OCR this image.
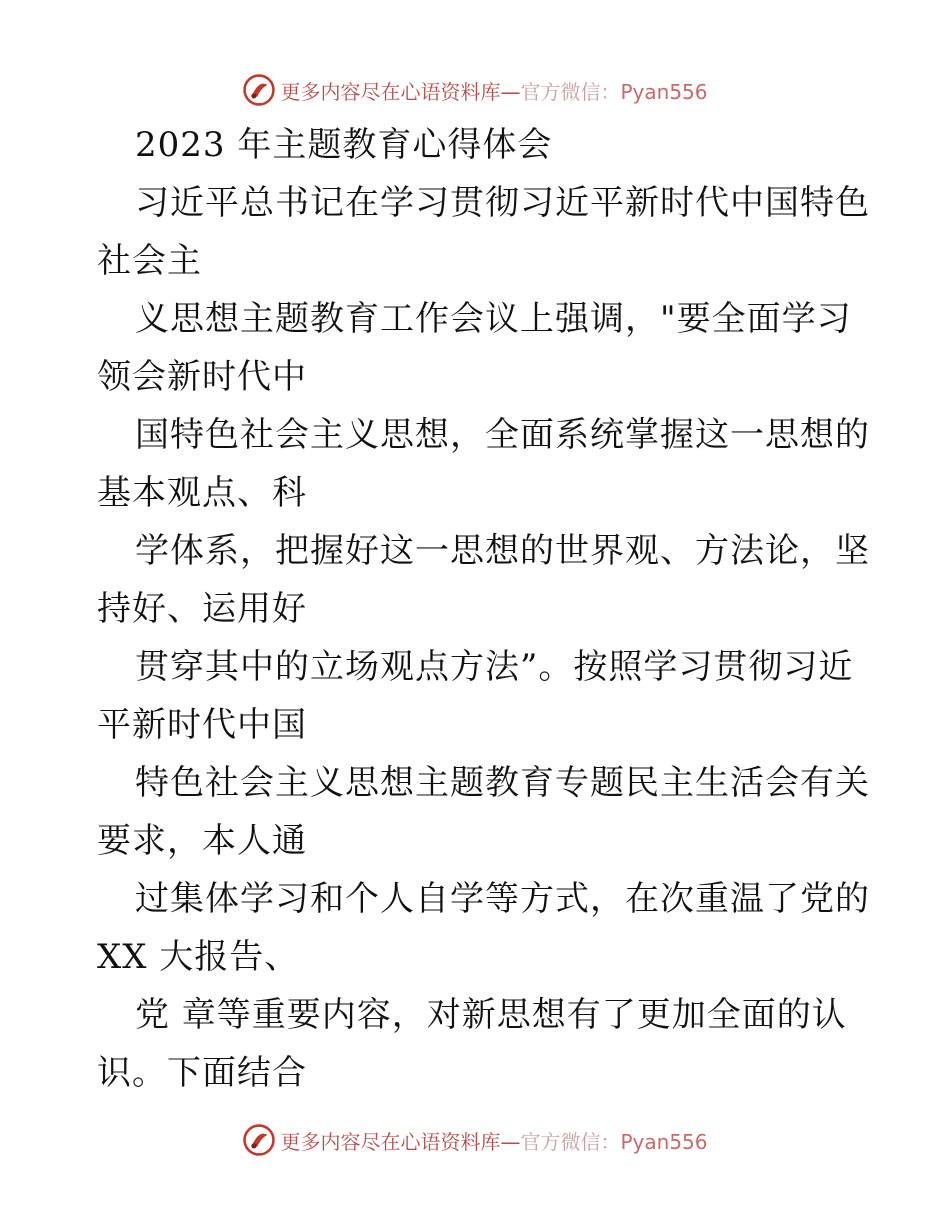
更多内容尽在心语资料库—官方微信：Pyan556
2023 年主题教育心得体会
习近平总书记在学习贯彻习近平新时代中国特色
社会主
义思想主题教育工作会议上强调，"要全面学习
领会新时代中
国特色社会主义思想，全面系统掌握这一思想的
基本观点、科
学体系，把握好这一思想的世界观、方法论，坚
持好、运用好
贯穿其中的立场观点方法”。按照学习贯彻习近
平新时代中国
特色社会主义思想主题教育专题民主生活会有关
要求，本人通
过集体学习和个人自学等方式，在次重温了党的
XX 大报告、
党 章等重要内容，对新思想有了更加全面的认
识。下面结合
更多内容尽在心语资料库—官方微信：Pyan556
